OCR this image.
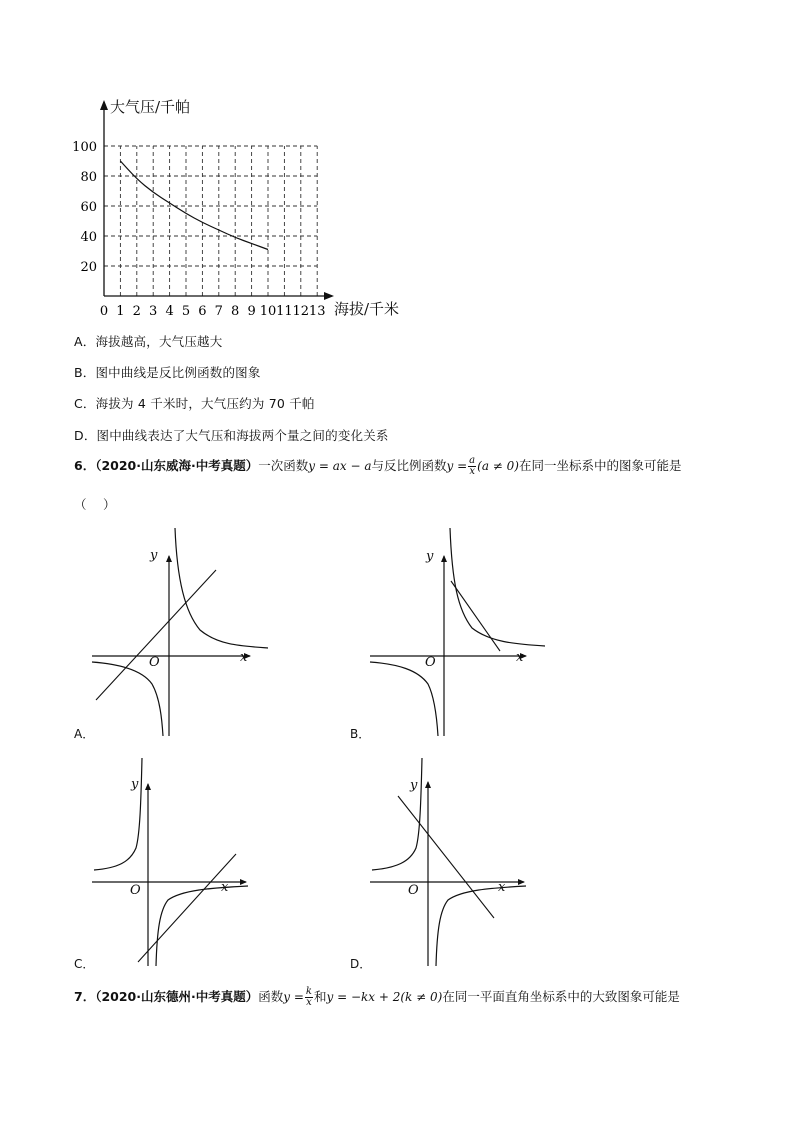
0 1 2 3 4 5 6 7 8 9 10 11 12 13
20
40
60
80
100
大气压/千帕
海拔/千米
A．海拔越高，大气压越大
B．图中曲线是反比例函数的图象
C．海拔为 4 千米时，大气压约为 70 千帕
D．图中曲线表达了大气压和海拔两个量之间的变化关系
6．（2020·山东威海·中考真题）一次函数y = ax − a与反比例函数$y = \frac{a}{x} (a \ne 0)$在同一坐标系中的图象可能是
（　 ）
y
x
O
A．
y
x
O
B．
y
x
O
C．
y
x
O
D．
7．（2020·山东德州·中考真题）函数$y = \frac{k}{x}$ 和y = −kx + 2(k ≠ 0)在同一平面直角坐标系中的大致图象可能是
